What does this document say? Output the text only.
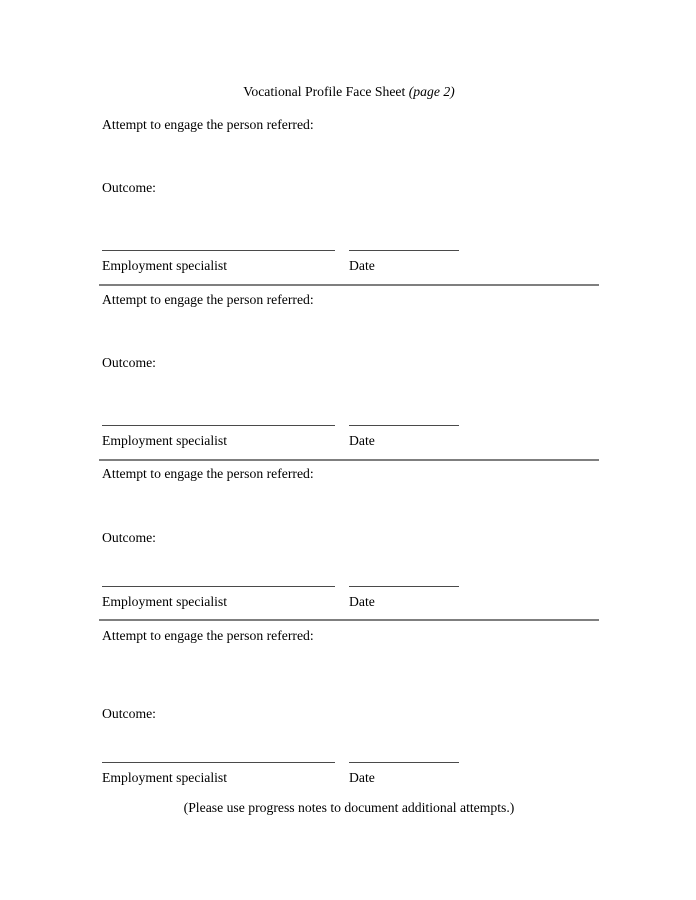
Vocational Profile Face Sheet (page 2)
Attempt to engage the person referred:
Outcome:
Employment specialist	Date
Attempt to engage the person referred:
Outcome:
Employment specialist	Date
Attempt to engage the person referred:
Outcome:
Employment specialist	Date
Attempt to engage the person referred:
Outcome:
Employment specialist	Date
(Please use progress notes to document additional attempts.)
